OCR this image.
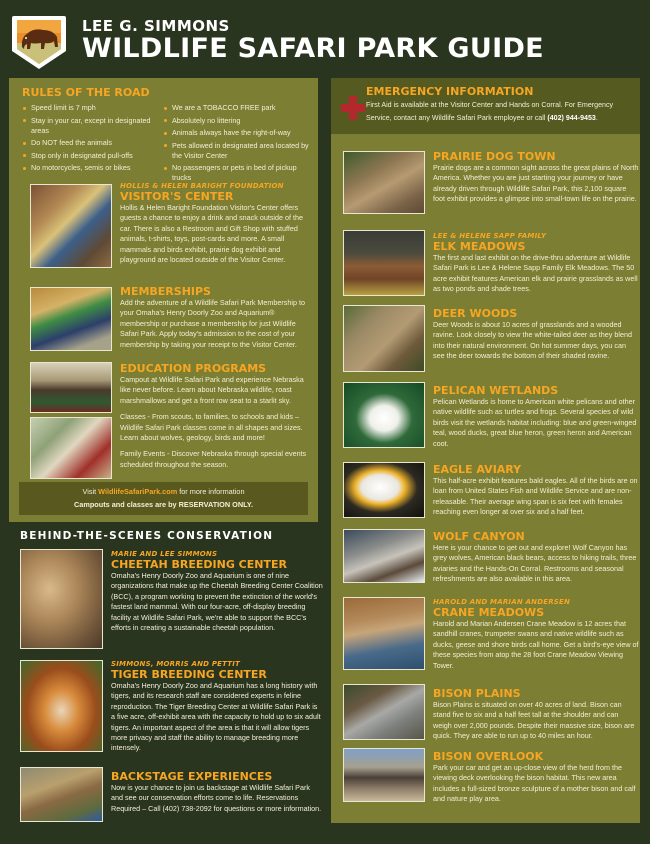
LEE G. SIMMONS
WILDLIFE SAFARI PARK GUIDE
RULES OF THE ROAD
Speed limit is 7 mph
Stay in your car, except in designated areas
Do NOT feed the animals
Stop only in designated pull-offs
No motorcycles, semis or bikes
We are a TOBACCO FREE park
Absolutely no littering
Animals always have the right-of-way
Pets allowed in designated area located by the Visitor Center
No passengers or pets in bed of pickup trucks
HOLLIS & HELEN BARIGHT FOUNDATION
VISITOR'S CENTER
Hollis & Helen Baright Foundation Visitor's Center offers guests a chance to enjoy a drink and snack outside of the car. There is also a Restroom and Gift Shop with stuffed animals, t-shirts, toys, post-cards and more. A small mammals and birds exhibit, prairie dog exhibit and playground are located outside of the Visitor Center.
MEMBERSHIPS
Add the adventure of a Wildlife Safari Park Membership to your Omaha's Henry Doorly Zoo and Aquarium® membership or purchase a membership for just Wildlife Safari Park. Apply today's admission to the cost of your membership by taking your receipt to the Visitor Center.
EDUCATION PROGRAMS
Campout at Wildlife Safari Park and experience Nebraska like never before. Learn about Nebraska wildlife, roast marshmallows and get a front row seat to a starlit sky.
Classes - From scouts, to families, to schools and kids – Wildlife Safari Park classes come in all shapes and sizes. Learn about wolves, geology, birds and more!
Family Events - Discover Nebraska through special events scheduled throughout the season.
Visit WildlifeSafariPark.com for more information
Campouts and classes are by RESERVATION ONLY.
BEHIND-THE-SCENES CONSERVATION
MARIE AND LEE SIMMONS
CHEETAH BREEDING CENTER
Omaha's Henry Doorly Zoo and Aquarium is one of nine organizations that make up the Cheetah Breeding Center Coalition (BCC), a program working to prevent the extinction of the world's fastest land mammal. With our four-acre, off-display breeding facility at Wildlife Safari Park, we're able to support the BCC's efforts in creating a sustainable cheetah population.
SIMMONS, MORRIS AND PETTIT
TIGER BREEDING CENTER
Omaha's Henry Doorly Zoo and Aquarium has a long history with tigers, and its research staff are considered experts in feline reproduction. The Tiger Breeding Center at Wildlife Safari Park is a five acre, off-exhibit area with the capacity to hold up to six adult tigers. An important aspect of the area is that it will allow tigers more privacy and staff the ability to manage breeding more intensely.
BACKSTAGE EXPERIENCES
Now is your chance to join us backstage at Wildlife Safari Park and see our conservation efforts come to life. Reservations Required – Call (402) 738-2092 for questions or more information.
EMERGENCY INFORMATION
First Aid is available at the Visitor Center and Hands on Corral. For Emergency Service, contact any Wildlife Safari Park employee or call (402) 944-9453.
PRAIRIE DOG TOWN
Prairie dogs are a common sight across the great plains of North America. Whether you are just starting your journey or have already driven through Wildlife Safari Park, this 2,100 square foot exhibit provides a glimpse into small-town life on the prairie.
LEE & HELENE SAPP FAMILY
ELK MEADOWS
The first and last exhibit on the drive-thru adventure at Wildlife Safari Park is Lee & Helene Sapp Family Elk Meadows. The 50 acre exhibit features American elk and prairie grasslands as well as two ponds and shade trees.
DEER WOODS
Deer Woods is about 10 acres of grasslands and a wooded ravine. Look closely to view the white-tailed deer as they blend into their natural environment. On hot summer days, you can see the deer towards the bottom of their shaded ravine.
PELICAN WETLANDS
Pelican Wetlands is home to American white pelicans and other native wildlife such as turtles and frogs. Several species of wild birds visit the wetlands habitat including: blue and green-winged teal, wood ducks, great blue heron, green heron and American coot.
EAGLE AVIARY
This half-acre exhibit features bald eagles. All of the birds are on loan from United States Fish and Wildlife Service and are non-releasable. Their average wing span is six feet with females reaching even longer at over six and a half feet.
WOLF CANYON
Here is your chance to get out and explore! Wolf Canyon has grey wolves, American black bears, access to hiking trails, three aviaries and the Hands-On Corral. Restrooms and seasonal refreshments are also available in this area.
HAROLD AND MARIAN ANDERSEN
CRANE MEADOWS
Harold and Marian Andersen Crane Meadow is 12 acres that sandhill cranes, trumpeter swans and native wildlife such as ducks, geese and shore birds call home. Get a bird's-eye view of these species from atop the 28 foot Crane Meadow Viewing Tower.
BISON PLAINS
Bison Plains is situated on over 40 acres of land. Bison can stand five to six and a half feet tall at the shoulder and can weigh over 2,000 pounds. Despite their massive size, bison are quick. They are able to run up to 40 miles an hour.
BISON OVERLOOK
Park your car and get an up-close view of the herd from the viewing deck overlooking the bison habitat. This new area includes a full-sized bronze sculpture of a mother bison and calf and nature play area.
